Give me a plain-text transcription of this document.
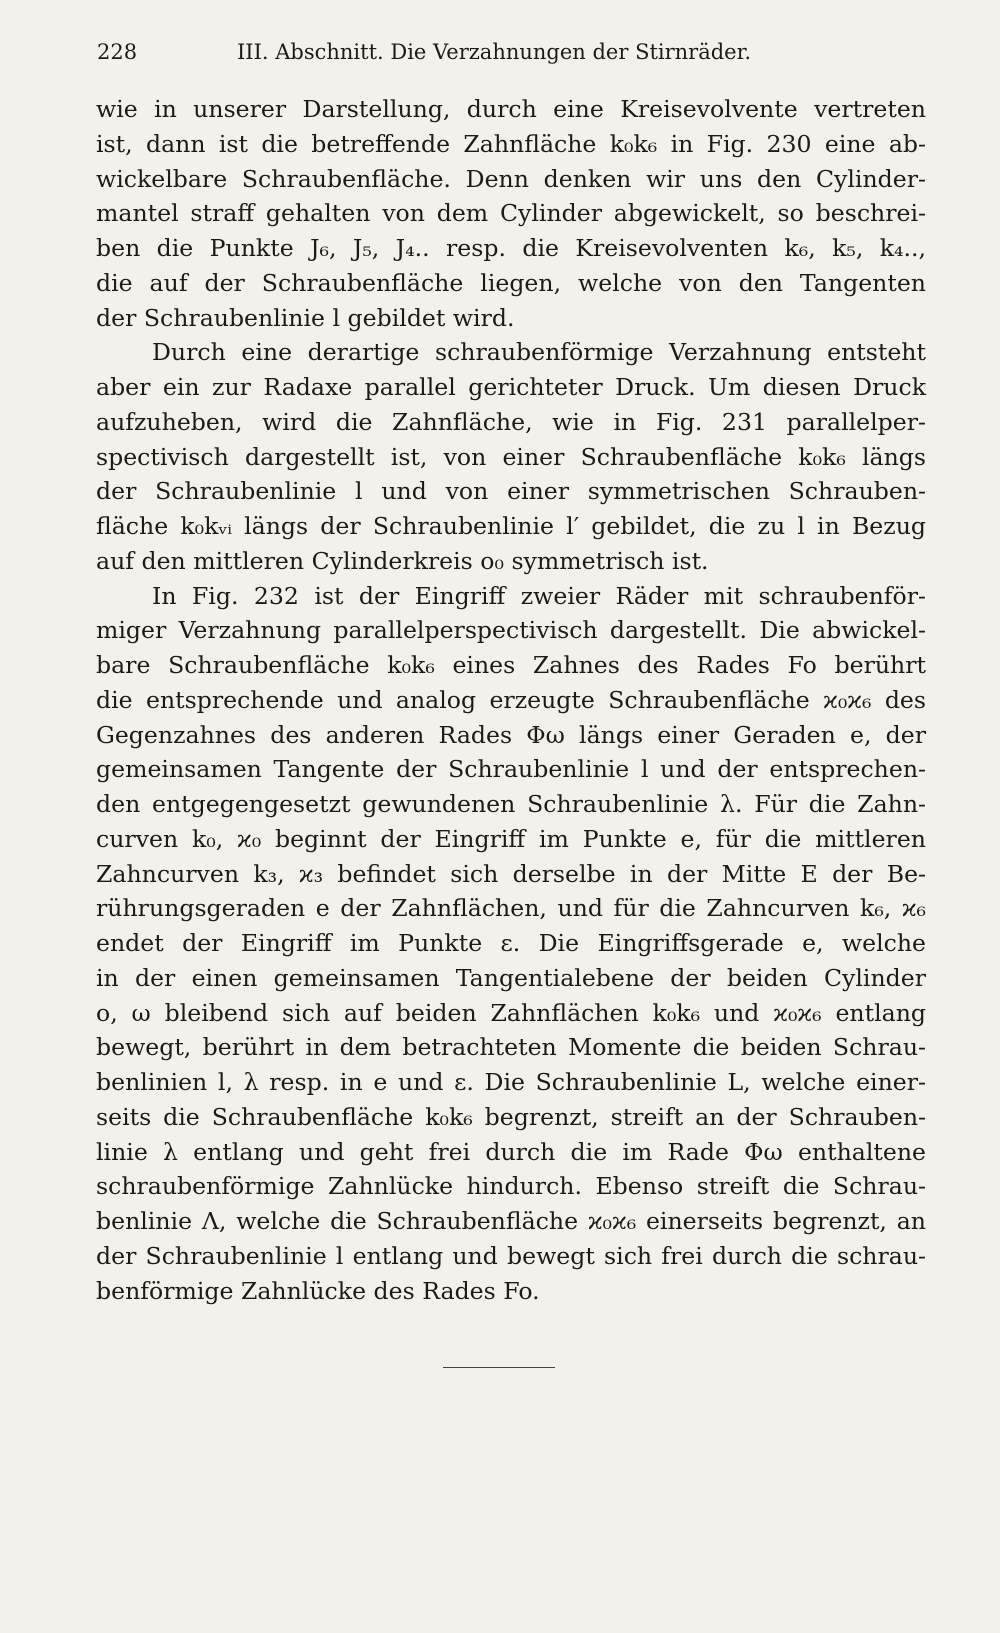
228	III. Abschnitt. Die Verzahnungen der Stirnräder.
wie in unserer Darstellung, durch eine Kreisevolvente vertreten
ist, dann ist die betreffende Zahnfläche k₀k₆ in Fig. 230 eine ab-
wickelbare Schraubenfläche. Denn denken wir uns den Cylinder-
mantel straff gehalten von dem Cylinder abgewickelt, so beschrei-
ben die Punkte J₆, J₅, J₄.. resp. die Kreisevolventen k₆, k₅, k₄..,
die auf der Schraubenfläche liegen, welche von den Tangenten
der Schraubenlinie l gebildet wird.
Durch eine derartige schraubenförmige Verzahnung entsteht
aber ein zur Radaxe parallel gerichteter Druck. Um diesen Druck
aufzuheben, wird die Zahnfläche, wie in Fig. 231 parallelper-
spectivisch dargestellt ist, von einer Schraubenfläche k₀k₆ längs
der Schraubenlinie l und von einer symmetrischen Schrauben-
fläche k₀kᵥᵢ längs der Schraubenlinie l′ gebildet, die zu l in Bezug
auf den mittleren Cylinderkreis o₀ symmetrisch ist.
In Fig. 232 ist der Eingriff zweier Räder mit schraubenför-
miger Verzahnung parallelperspectivisch dargestellt. Die abwickel-
bare Schraubenfläche k₀k₆ eines Zahnes des Rades Fo berührt
die entsprechende und analog erzeugte Schraubenfläche ϰ₀ϰ₆ des
Gegenzahnes des anderen Rades Φω längs einer Geraden e, der
gemeinsamen Tangente der Schraubenlinie l und der entsprechen-
den entgegengesetzt gewundenen Schraubenlinie λ. Für die Zahn-
curven k₀, ϰ₀ beginnt der Eingriff im Punkte e, für die mittleren
Zahncurven k₃, ϰ₃ befindet sich derselbe in der Mitte E der Be-
rührungsgeraden e der Zahnflächen, und für die Zahncurven k₆, ϰ₆
endet der Eingriff im Punkte ε. Die Eingriffsgerade e, welche
in der einen gemeinsamen Tangentialebene der beiden Cylinder
o, ω bleibend sich auf beiden Zahnflächen k₀k₆ und ϰ₀ϰ₆ entlang
bewegt, berührt in dem betrachteten Momente die beiden Schrau-
benlinien l, λ resp. in e und ε. Die Schraubenlinie L, welche einer-
seits die Schraubenfläche k₀k₆ begrenzt, streift an der Schrauben-
linie λ entlang und geht frei durch die im Rade Φω enthaltene
schraubenförmige Zahnlücke hindurch. Ebenso streift die Schrau-
benlinie Λ, welche die Schraubenfläche ϰ₀ϰ₆ einerseits begrenzt, an
der Schraubenlinie l entlang und bewegt sich frei durch die schrau-
benförmige Zahnlücke des Rades Fo.
